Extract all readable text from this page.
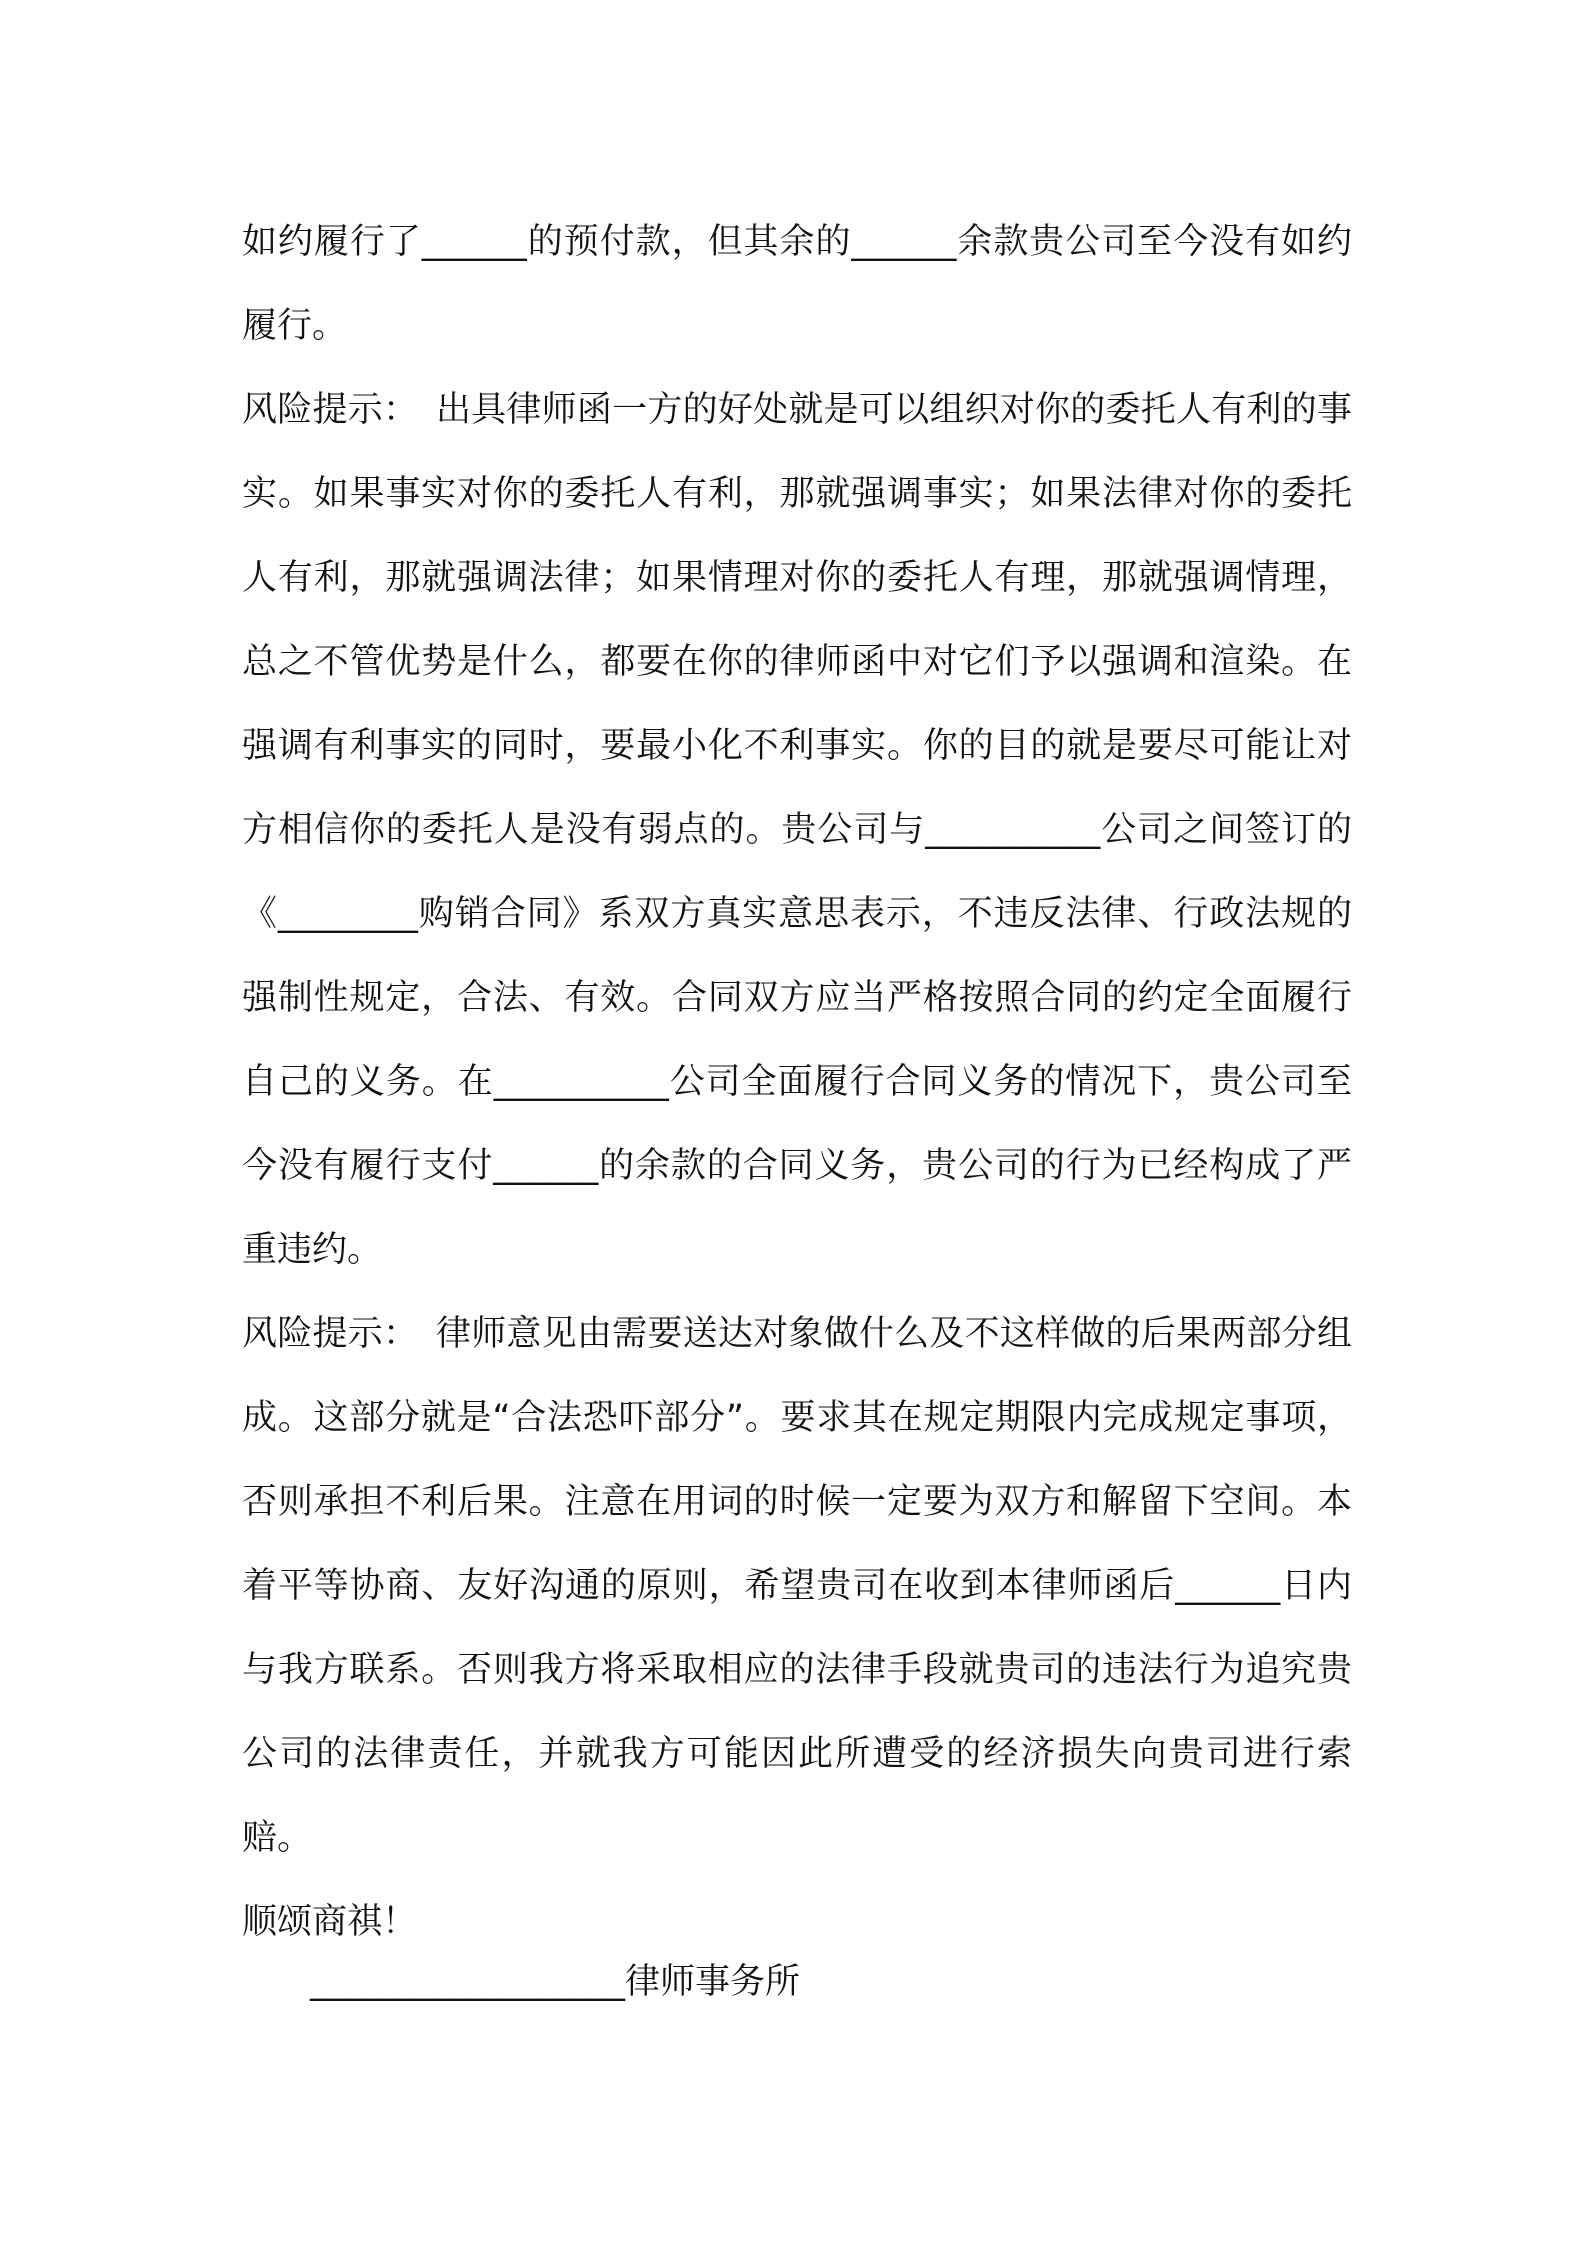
如约履行了______的预付款，但其余的______余款贵公司至今没有如约履行。

风险提示：　出具律师函一方的好处就是可以组织对你的委托人有利的事实。如果事实对你的委托人有利，那就强调事实；如果法律对你的委托人有利，那就强调法律；如果情理对你的委托人有理，那就强调情理，总之不管优势是什么，都要在你的律师函中对它们予以强调和渲染。在强调有利事实的同时，要最小化不利事实。你的目的就是要尽可能让对方相信你的委托人是没有弱点的。贵公司与__________公司之间签订的《________购销合同》系双方真实意思表示，不违反法律、行政法规的强制性规定，合法、有效。合同双方应当严格按照合同的约定全面履行自己的义务。在__________公司全面履行合同义务的情况下，贵公司至今没有履行支付______的余款的合同义务，贵公司的行为已经构成了严重违约。

风险提示：　律师意见由需要送达对象做什么及不这样做的后果两部分组成。这部分就是“合法恐吓部分”。要求其在规定期限内完成规定事项，否则承担不利后果。注意在用词的时候一定要为双方和解留下空间。本着平等协商、友好沟通的原则，希望贵司在收到本律师函后______日内与我方联系。否则我方将采取相应的法律手段就贵司的违法行为追究贵公司的法律责任，并就我方可能因此所遭受的经济损失向贵司进行索赔。

顺颂商祺！

__________________律师事务所
